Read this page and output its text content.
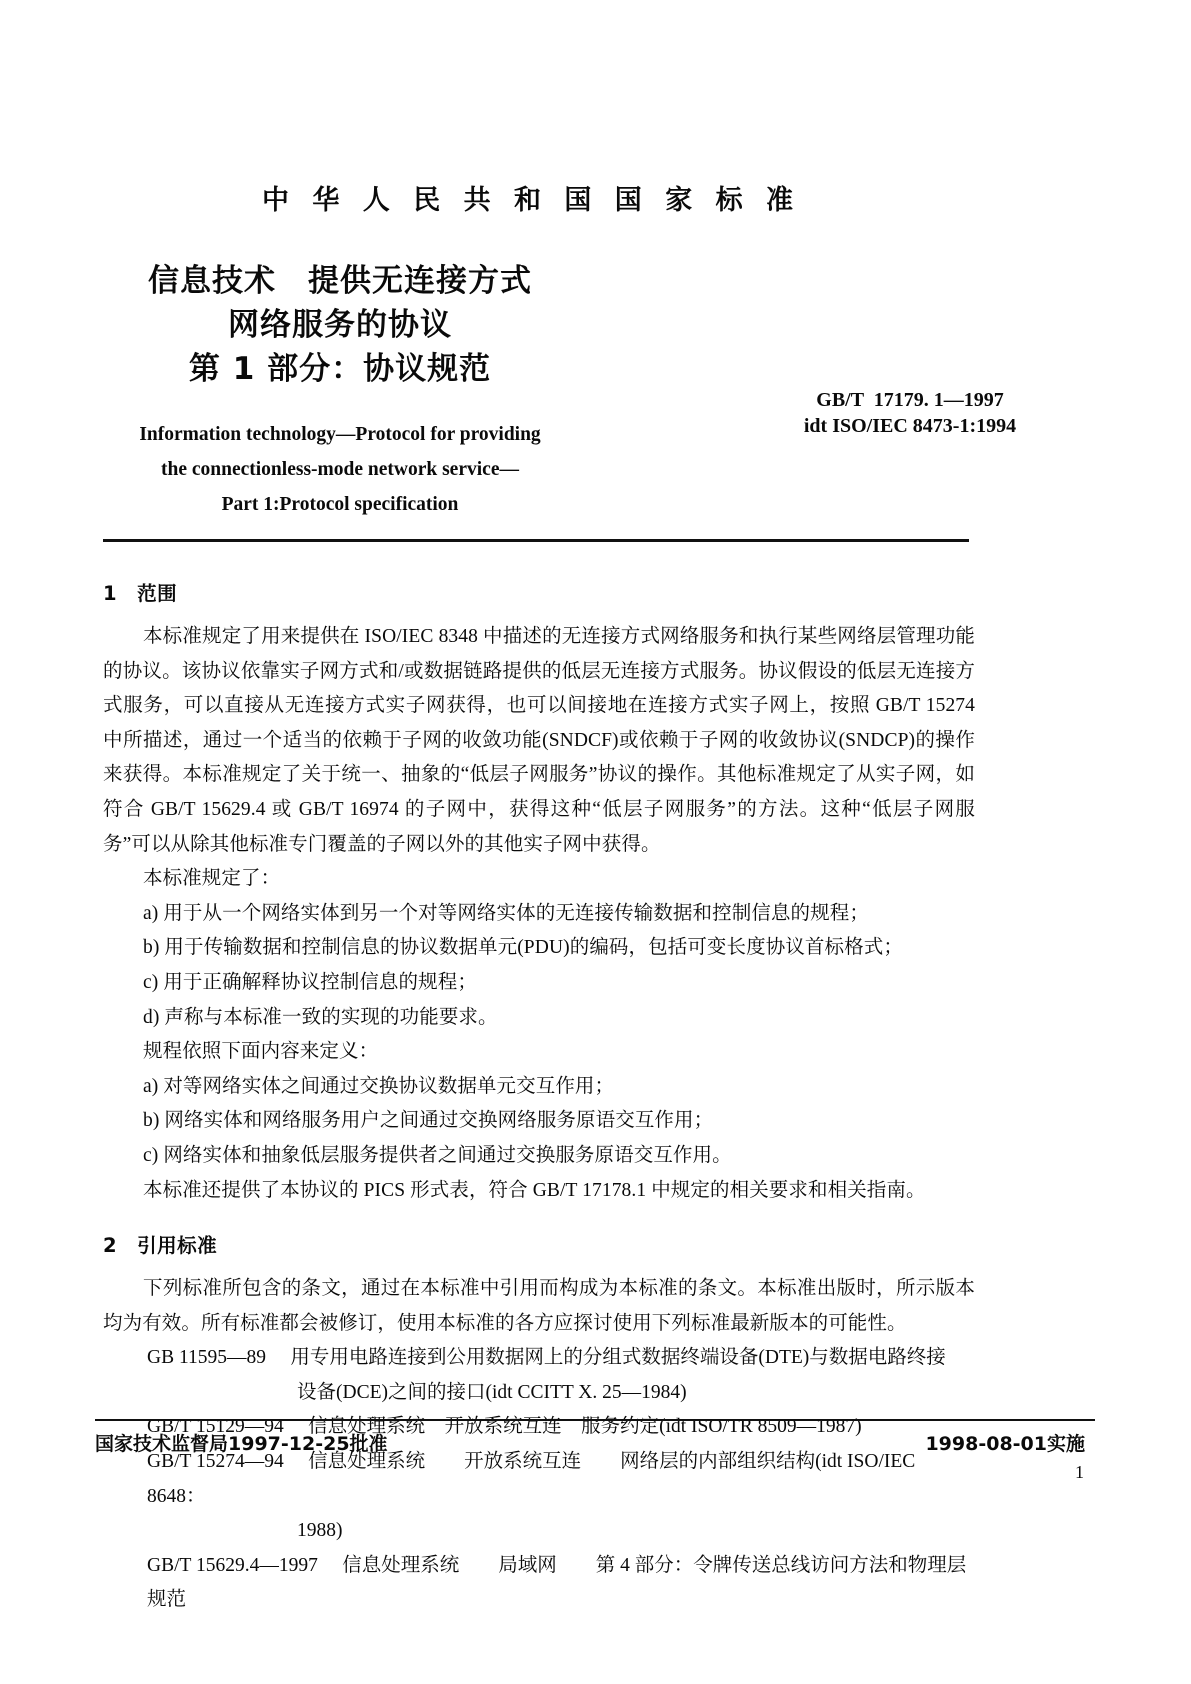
中 华 人 民 共 和 国 国 家 标 准
信息技术　提供无连接方式
网络服务的协议
第 1 部分：协议规范
GB/T  17179. 1—1997
idt ISO/IEC 8473-1:1994
Information technology—Protocol for providing
the connectionless-mode network service—
Part 1:Protocol specification
1　范围

本标准规定了用来提供在 ISO/IEC 8348 中描述的无连接方式网络服务和执行某些网络层管理功能的协议。该协议依靠实子网方式和/或数据链路提供的低层无连接方式服务。协议假设的低层无连接方式服务，可以直接从无连接方式实子网获得，也可以间接地在连接方式实子网上，按照 GB/T 15274 中所描述，通过一个适当的依赖于子网的收敛功能(SNDCF)或依赖于子网的收敛协议(SNDCP)的操作来获得。本标准规定了关于统一、抽象的“低层子网服务”协议的操作。其他标准规定了从实子网，如符合 GB/T 15629.4 或 GB/T 16974 的子网中，获得这种“低层子网服务”的方法。这种“低层子网服务”可以从除其他标准专门覆盖的子网以外的其他实子网中获得。

本标准规定了：

a) 用于从一个网络实体到另一个对等网络实体的无连接传输数据和控制信息的规程；

b) 用于传输数据和控制信息的协议数据单元(PDU)的编码，包括可变长度协议首标格式；

c) 用于正确解释协议控制信息的规程；

d) 声称与本标准一致的实现的功能要求。

规程依照下面内容来定义：

a) 对等网络实体之间通过交换协议数据单元交互作用；

b) 网络实体和网络服务用户之间通过交换网络服务原语交互作用；

c) 网络实体和抽象低层服务提供者之间通过交换服务原语交互作用。

本标准还提供了本协议的 PICS 形式表，符合 GB/T 17178.1 中规定的相关要求和相关指南。

2　引用标准

下列标准所包含的条文，通过在本标准中引用而构成为本标准的条文。本标准出版时，所示版本均为有效。所有标准都会被修订，使用本标准的各方应探讨使用下列标准最新版本的可能性。

GB 11595—89 用专用电路连接到公用数据网上的分组式数据终端设备(DTE)与数据电路终接
设备(DCE)之间的接口(idt CCITT X. 25—1984)

GB/T 15129—94 信息处理系统　开放系统互连　服务约定(idt ISO/TR 8509—1987)

GB/T 15274—94 信息处理系统　　开放系统互连　　网络层的内部组织结构(idt ISO/IEC 8648：
1988)

GB/T 15629.4—1997 信息处理系统　　局域网　　第 4 部分：令牌传送总线访问方法和物理层规范

国家技术监督局1997-12-25批准	1998-08-01实施
1
